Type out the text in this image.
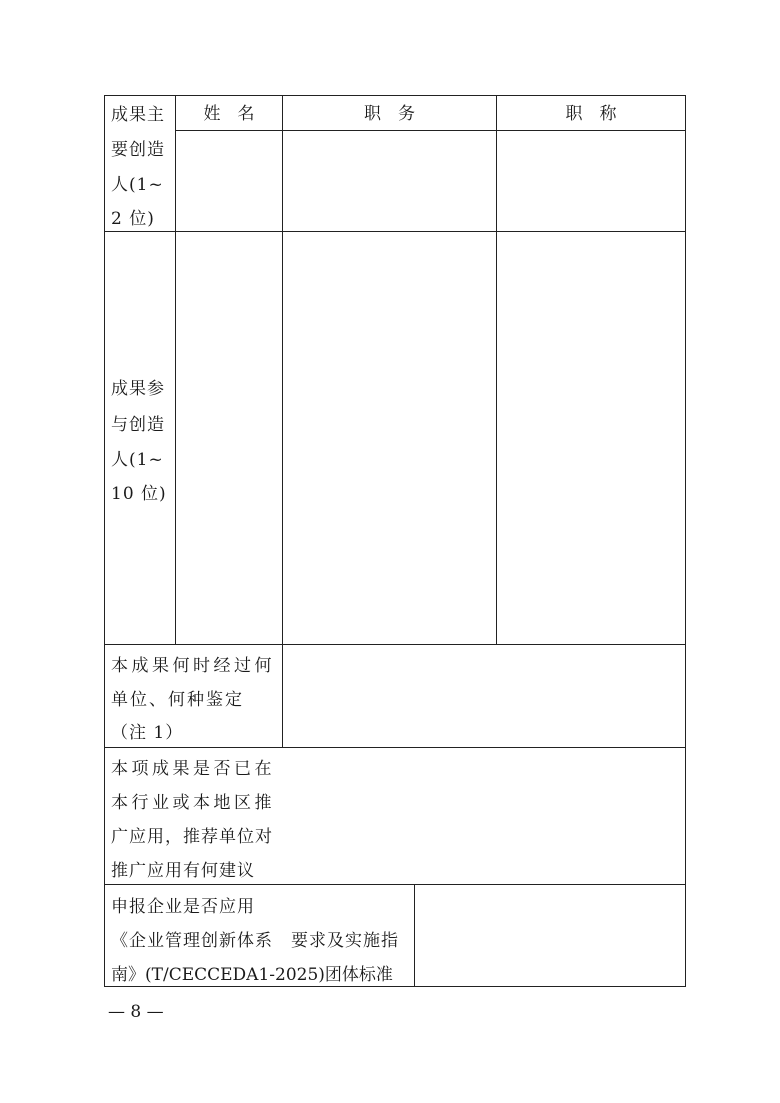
姓　名	职　务	职　称
成果主
要创造
人(1~
2 位)
成果参
与创造
人(1~
10 位)
本成果何时经过何
单位、何种鉴定
（注 1）
本项成果是否已在
本行业或本地区推
广应用，推荐单位对
推广应用有何建议
申报企业是否应用
《企业管理创新体系　要求及实施指
南》(T/CECCEDA1-2025)团体标准
— 8 —
